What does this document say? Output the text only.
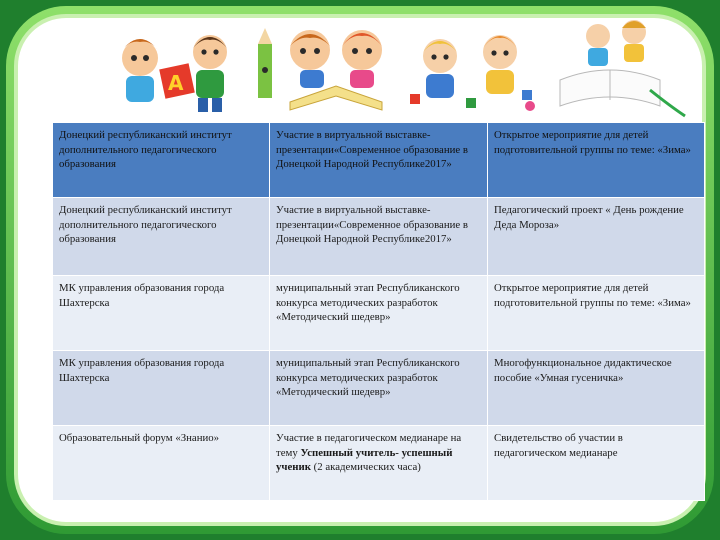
A
Донецкий республиканский институт дополнительного педагогического образования	Участие в виртуальной выставке-презентации«Современное образование в Донецкой Народной Республике2017»	Открытое мероприятие для детей подготовительной группы по теме: «Зима»
Донецкий республиканский институт дополнительного педагогического образования	Участие в виртуальной выставке-презентации«Современное образование в Донецкой Народной Республике2017»	Педагогический проект « День рождение Деда Мороза»
МК управления образования города Шахтерска	муниципальный этап Республиканского конкурса методических разработок «Методический шедевр»	Открытое мероприятие для детей подготовительной группы по теме: «Зима»
МК управления образования города Шахтерска	муниципальный этап Республиканского конкурса методических разработок «Методический шедевр»	Многофункциональное дидактическое пособие «Умная гусеничка»
Образовательный форум «Знанио»	Участие в педагогическом медианаре на тему Успешный учитель- успешный ученик (2 академических часа)	Свидетельство об участии в педагогическом медианаре
